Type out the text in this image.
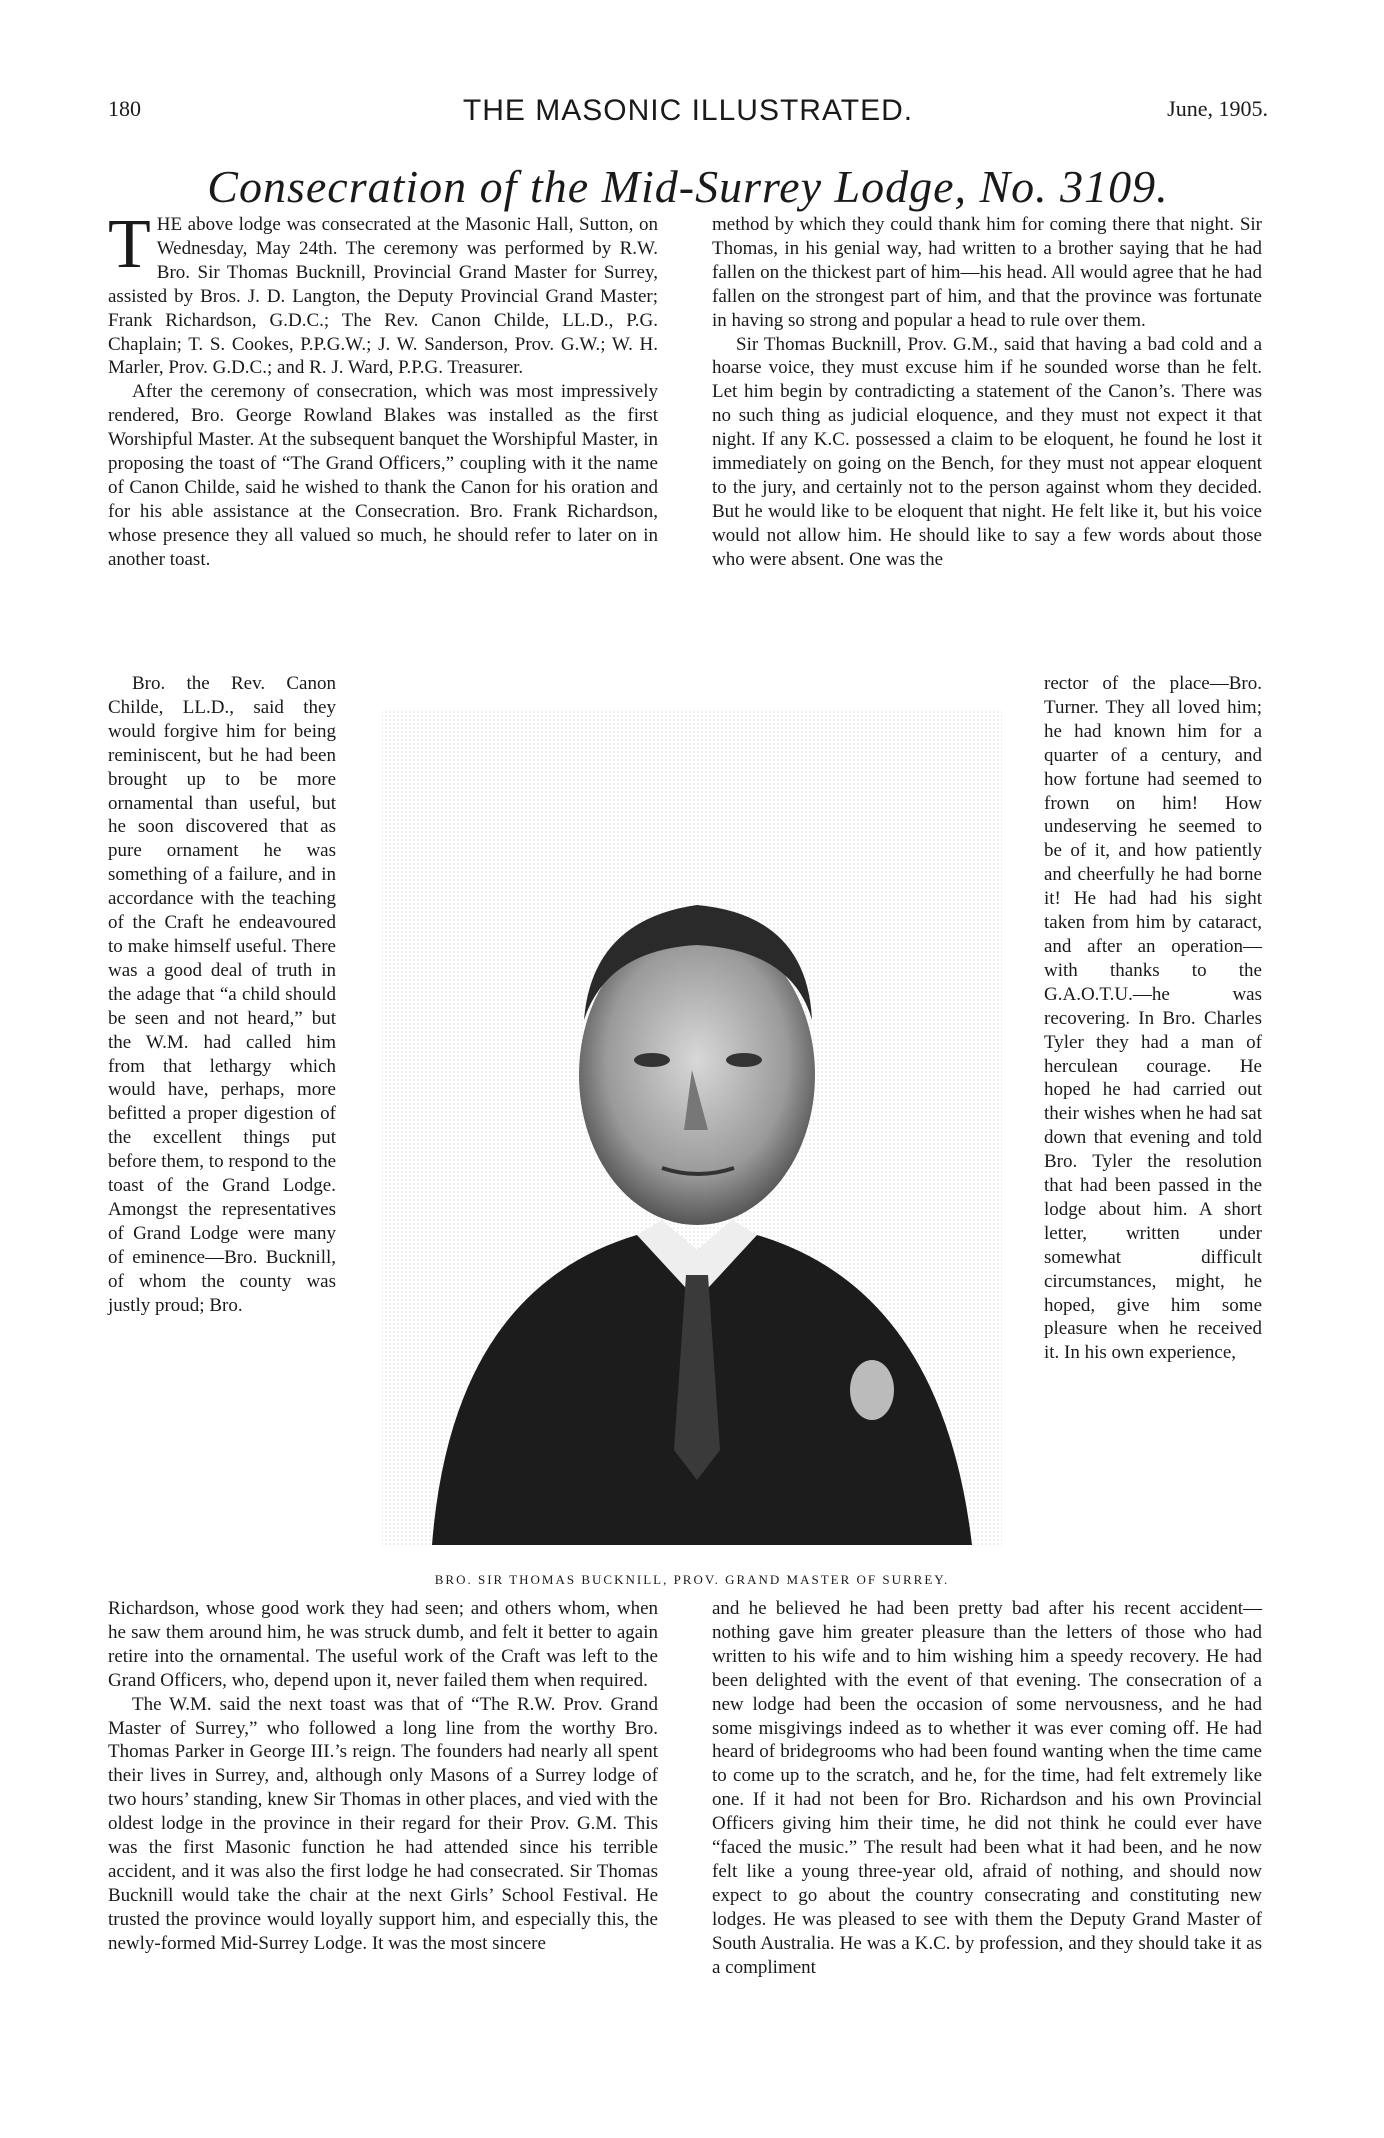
180	THE MASONIC ILLUSTRATED.	June, 1905.
Consecration of the Mid-Surrey Lodge, No. 3109.

THE above lodge was consecrated at the Masonic Hall, Sutton, on Wednesday, May 24th. The ceremony was performed by R.W. Bro. Sir Thomas Bucknill, Provincial Grand Master for Surrey, assisted by Bros. J. D. Langton, the Deputy Provincial Grand Master; Frank Richardson, G.D.C.; The Rev. Canon Childe, LL.D., P.G. Chaplain; T. S. Cookes, P.P.G.W.; J. W. Sanderson, Prov. G.W.; W. H. Marler, Prov. G.D.C.; and R. J. Ward, P.P.G. Treasurer.

After the ceremony of consecration, which was most impressively rendered, Bro. George Rowland Blakes was installed as the first Worshipful Master. At the subsequent banquet the Worshipful Master, in proposing the toast of “The Grand Officers,” coupling with it the name of Canon Childe, said he wished to thank the Canon for his oration and for his able assistance at the Consecration. Bro. Frank Richardson, whose presence they all valued so much, he should refer to later on in another toast.

Bro. the Rev. Canon Childe, LL.D., said they would forgive him for being reminiscent, but he had been brought up to be more ornamental than useful, but he soon discovered that as pure ornament he was something of a failure, and in accordance with the teaching of the Craft he endeavoured to make himself useful. There was a good deal of truth in the adage that “a child should be seen and not heard,” but the W.M. had called him from that lethargy which would have, perhaps, more befitted a proper digestion of the excellent things put before them, to respond to the toast of the Grand Lodge. Amongst the representatives of Grand Lodge were many of eminence—Bro. Bucknill, of whom the county was justly proud; Bro.

rector of the place—Bro. Turner. They all loved him; he had known him for a quarter of a century, and how fortune had seemed to frown on him! How undeserving he seemed to be of it, and how patiently and cheerfully he had borne it! He had had his sight taken from him by cataract, and after an operation—with thanks to the G.A.O.T.U.—he was recovering. In Bro. Charles Tyler they had a man of herculean courage. He hoped he had carried out their wishes when he had sat down that evening and told Bro. Tyler the resolution that had been passed in the lodge about him. A short letter, written under somewhat difficult circumstances, might, he hoped, give him some pleasure when he received it. In his own experience,

method by which they could thank him for coming there that night. Sir Thomas, in his genial way, had written to a brother saying that he had fallen on the thickest part of him—his head. All would agree that he had fallen on the strongest part of him, and that the province was fortunate in having so strong and popular a head to rule over them.

Sir Thomas Bucknill, Prov. G.M., said that having a bad cold and a hoarse voice, they must excuse him if he sounded worse than he felt. Let him begin by contradicting a statement of the Canon’s. There was no such thing as judicial eloquence, and they must not expect it that night. If any K.C. possessed a claim to be eloquent, he found he lost it immediately on going on the Bench, for they must not appear eloquent to the jury, and certainly not to the person against whom they decided. But he would like to be eloquent that night. He felt like it, but his voice would not allow him. He should like to say a few words about those who were absent. One was the

BRO. SIR THOMAS BUCKNILL, PROV. GRAND MASTER OF SURREY.

Richardson, whose good work they had seen; and others whom, when he saw them around him, he was struck dumb, and felt it better to again retire into the ornamental. The useful work of the Craft was left to the Grand Officers, who, depend upon it, never failed them when required.

The W.M. said the next toast was that of “The R.W. Prov. Grand Master of Surrey,” who followed a long line from the worthy Bro. Thomas Parker in George III.’s reign. The founders had nearly all spent their lives in Surrey, and, although only Masons of a Surrey lodge of two hours’ standing, knew Sir Thomas in other places, and vied with the oldest lodge in the province in their regard for their Prov. G.M. This was the first Masonic function he had attended since his terrible accident, and it was also the first lodge he had consecrated. Sir Thomas Bucknill would take the chair at the next Girls’ School Festival. He trusted the province would loyally support him, and especially this, the newly-formed Mid-Surrey Lodge. It was the most sincere

and he believed he had been pretty bad after his recent accident—nothing gave him greater pleasure than the letters of those who had written to his wife and to him wishing him a speedy recovery. He had been delighted with the event of that evening. The consecration of a new lodge had been the occasion of some nervousness, and he had some misgivings indeed as to whether it was ever coming off. He had heard of bridegrooms who had been found wanting when the time came to come up to the scratch, and he, for the time, had felt extremely like one. If it had not been for Bro. Richardson and his own Provincial Officers giving him their time, he did not think he could ever have “faced the music.” The result had been what it had been, and he now felt like a young three-year old, afraid of nothing, and should now expect to go about the country consecrating and constituting new lodges. He was pleased to see with them the Deputy Grand Master of South Australia. He was a K.C. by profession, and they should take it as a compliment
